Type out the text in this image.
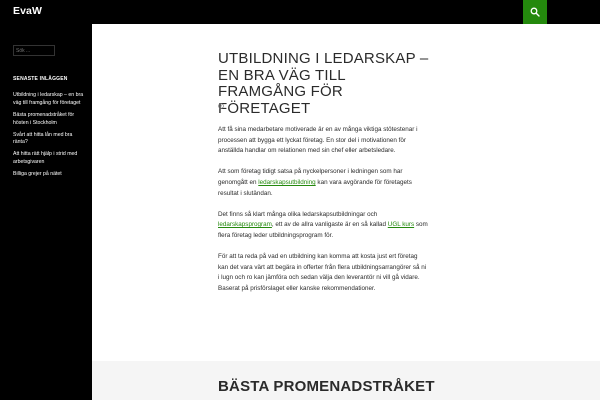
EvaW
Sök ...
SENASTE INLÄGGEN
Utbildning i ledarskap – en bra väg till framgång för företaget
Bästa promenadstråket för hösten i Stockholm
Svårt att hitta lån med bra ränta?
Att hitta rätt hjälp i strid med arbetsgivaren
Billiga grejer på nätet
UTBILDNING I LEDARSKAP – EN BRA VÄG TILL FRAMGÅNG FÖR FÖRETAGET

Att få sina medarbetare motiverade är en av många viktiga stötestenar i processen att bygga ett lyckat företag. En stor del i motivationen för anställda handlar om relationen med sin chef eller arbetsledare.

Att som företag tidigt satsa på nyckelpersoner i ledningen som har genomgått en ledarskapsutbildning kan vara avgörande för företagets resultat i slutändan.

Det finns så klart många olika ledarskapsutbildningar och ledarskapsprogram, ett av de allra vanligaste är en så kallad UGL kurs som flera företag leder utbildningsprogram för.

För att ta reda på vad en utbildning kan komma att kosta just ert företag kan det vara värt att begära in offerter från flera utbildningsarrangörer så ni i lugn och ro kan jämföra och sedan välja den leverantör ni vill gå vidare. Baserat på prisförslaget eller kanske rekommendationer.

BÄSTA PROMENADSTRÅKET
